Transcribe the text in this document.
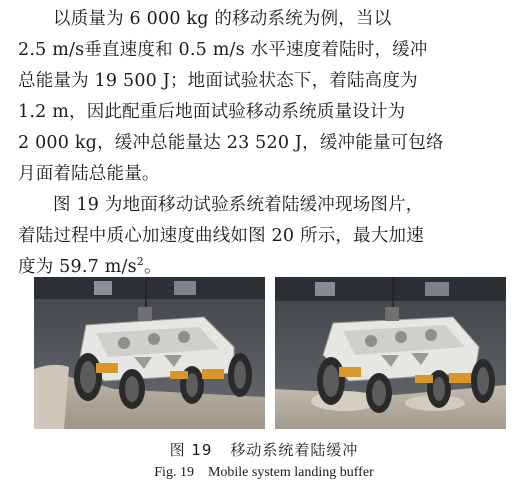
以质量为 6 000 kg 的移动系统为例，当以
2.5 m/s垂直速度和 0.5 m/s 水平速度着陆时，缓冲
总能量为 19 500 J；地面试验状态下，着陆高度为
1.2 m，因此配重后地面试验移动系统质量设计为
2 000 kg，缓冲总能量达 23 520 J，缓冲能量可包络
月面着陆总能量。

图 19 为地面移动试验系统着陆缓冲现场图片，
着陆过程中质心加速度曲线如图 20 所示，最大加速
度为 59.7 $m/s^2$。

图 19 移动系统着陆缓冲
Fig. 19 Mobile system landing buffer
